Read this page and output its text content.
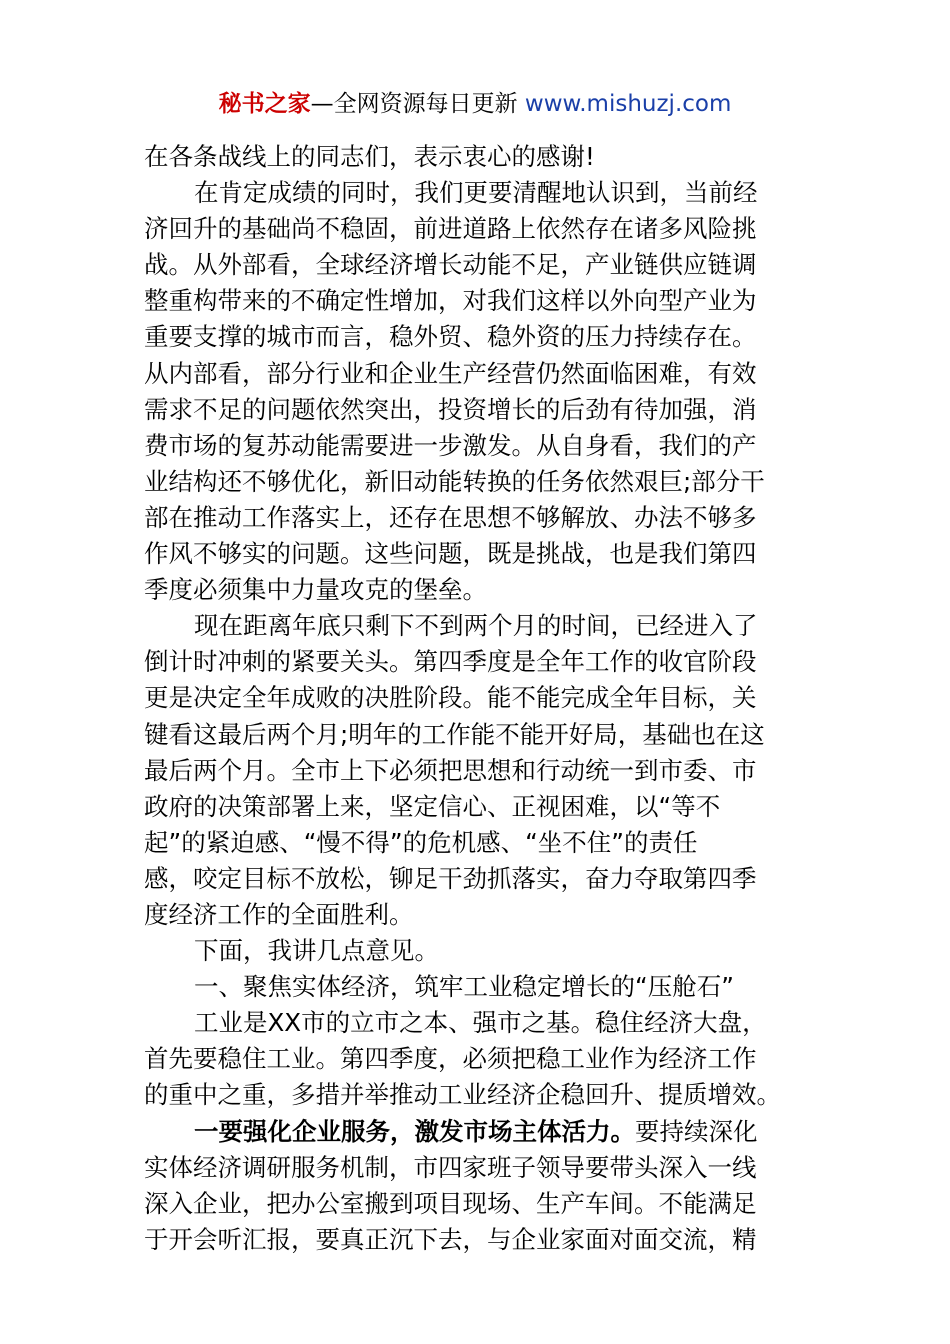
秘书之家—全网资源每日更新 www.mishuzj.com
在各条战线上的同志们，表示衷心的感谢!
在肯定成绩的同时，我们更要清醒地认识到，当前经
济回升的基础尚不稳固，前进道路上依然存在诸多风险挑
战。从外部看，全球经济增长动能不足，产业链供应链调
整重构带来的不确定性增加，对我们这样以外向型产业为
重要支撑的城市而言，稳外贸、稳外资的压力持续存在。
从内部看，部分行业和企业生产经营仍然面临困难，有效
需求不足的问题依然突出，投资增长的后劲有待加强，消
费市场的复苏动能需要进一步激发。从自身看，我们的产
业结构还不够优化，新旧动能转换的任务依然艰巨;部分干
部在推动工作落实上，还存在思想不够解放、办法不够多
作风不够实的问题。这些问题，既是挑战，也是我们第四
季度必须集中力量攻克的堡垒。
现在距离年底只剩下不到两个月的时间，已经进入了
倒计时冲刺的紧要关头。第四季度是全年工作的收官阶段
更是决定全年成败的决胜阶段。能不能完成全年目标，关
键看这最后两个月;明年的工作能不能开好局，基础也在这
最后两个月。全市上下必须把思想和行动统一到市委、市
政府的决策部署上来，坚定信心、正视困难，以“等不
起”的紧迫感、“慢不得”的危机感、“坐不住”的责任
感，咬定目标不放松，铆足干劲抓落实，奋力夺取第四季
度经济工作的全面胜利。
下面，我讲几点意见。
一、聚焦实体经济，筑牢工业稳定增长的“压舱石”
工业是XX市的立市之本、强市之基。稳住经济大盘，
首先要稳住工业。第四季度，必须把稳工业作为经济工作
的重中之重，多措并举推动工业经济企稳回升、提质增效。
一要强化企业服务，激发市场主体活力。要持续深化
实体经济调研服务机制，市四家班子领导要带头深入一线
深入企业，把办公室搬到项目现场、生产车间。不能满足
于开会听汇报，要真正沉下去，与企业家面对面交流，精
